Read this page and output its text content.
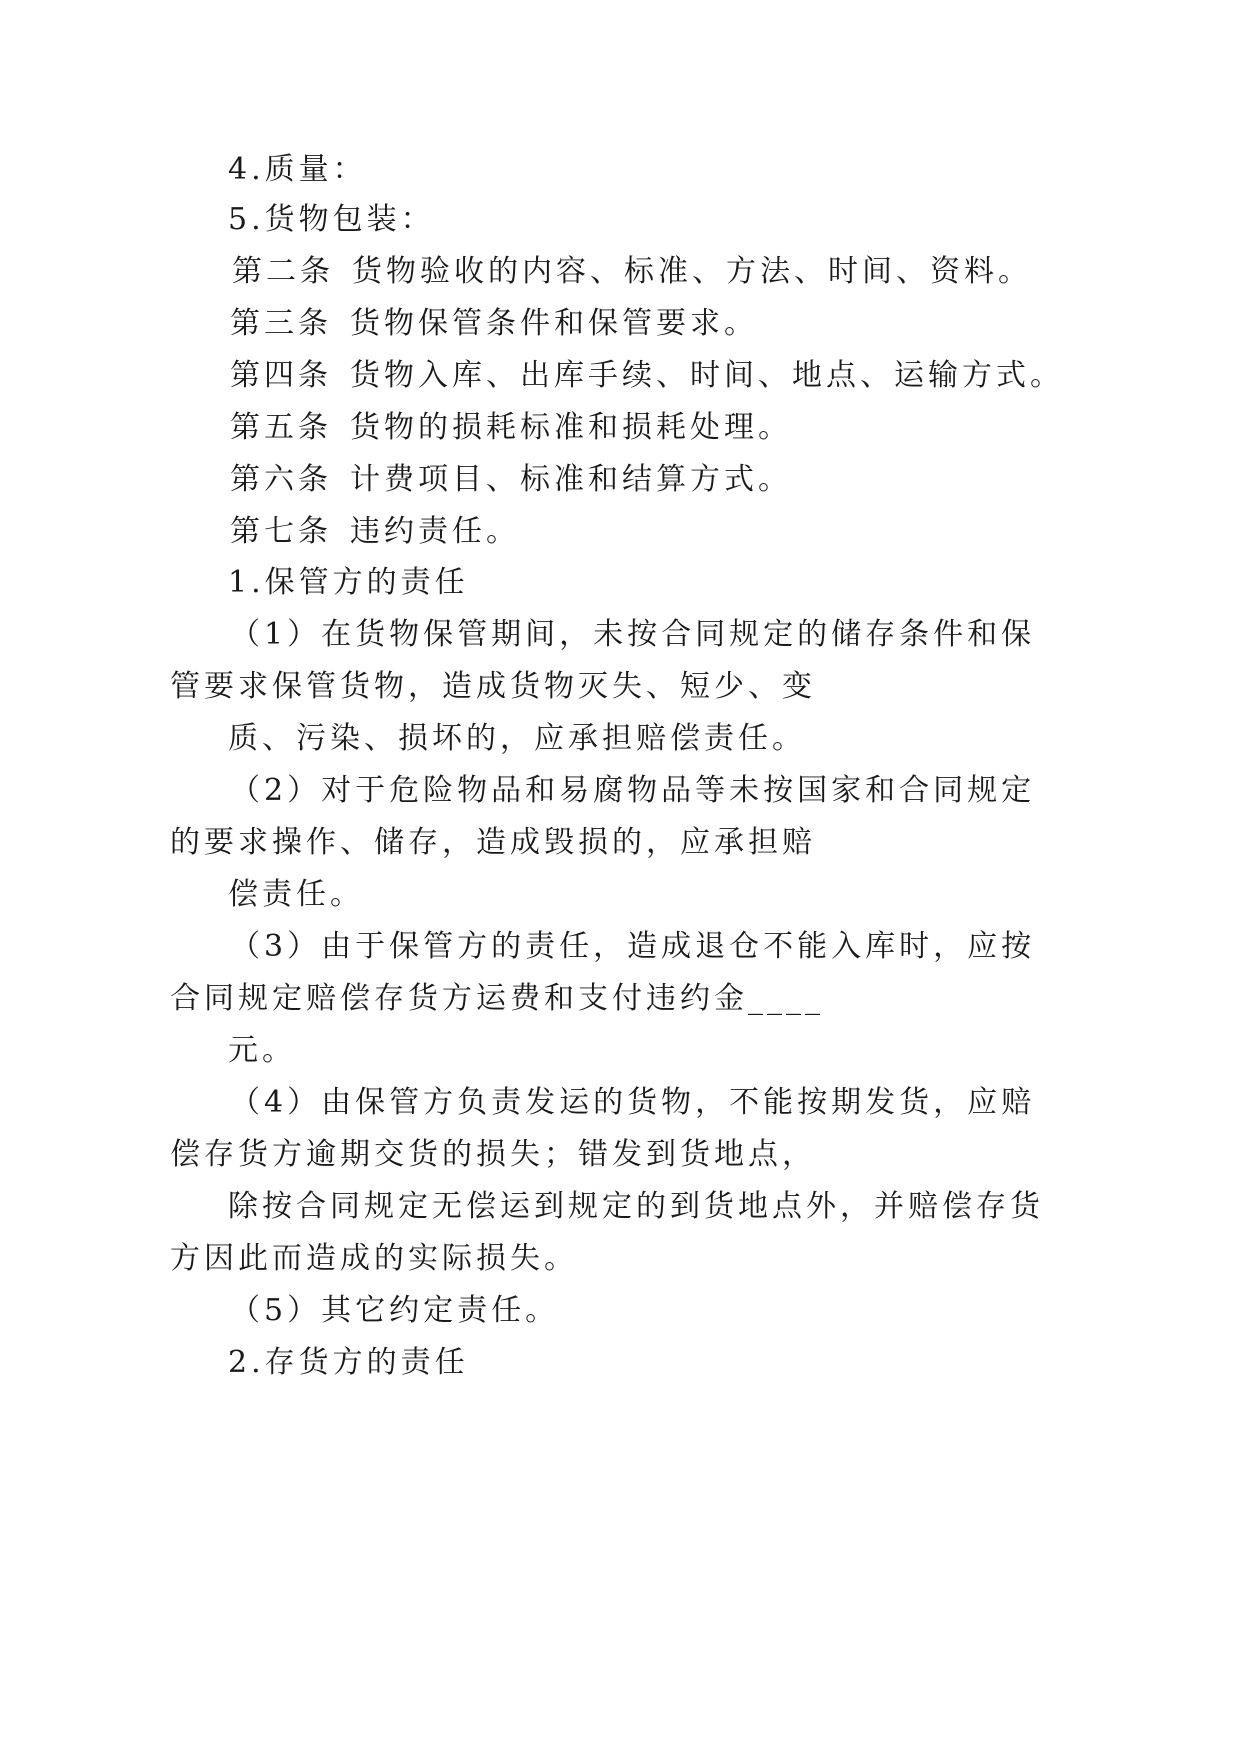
4.质量：
5.货物包装：
第二条 货物验收的内容、标准、方法、时间、资料。
第三条 货物保管条件和保管要求。
第四条 货物入库、出库手续、时间、地点、运输方式。
第五条 货物的损耗标准和损耗处理。
第六条 计费项目、标准和结算方式。
第七条 违约责任。
1.保管方的责任
（1）在货物保管期间，未按合同规定的储存条件和保
管要求保管货物，造成货物灭失、短少、变
质、污染、损坏的，应承担赔偿责任。
（2）对于危险物品和易腐物品等未按国家和合同规定
的要求操作、储存，造成毁损的，应承担赔
偿责任。
（3）由于保管方的责任，造成退仓不能入库时，应按
合同规定赔偿存货方运费和支付违约金____
元。
（4）由保管方负责发运的货物，不能按期发货，应赔
偿存货方逾期交货的损失；错发到货地点，
除按合同规定无偿运到规定的到货地点外，并赔偿存货
方因此而造成的实际损失。
（5）其它约定责任。
2.存货方的责任
